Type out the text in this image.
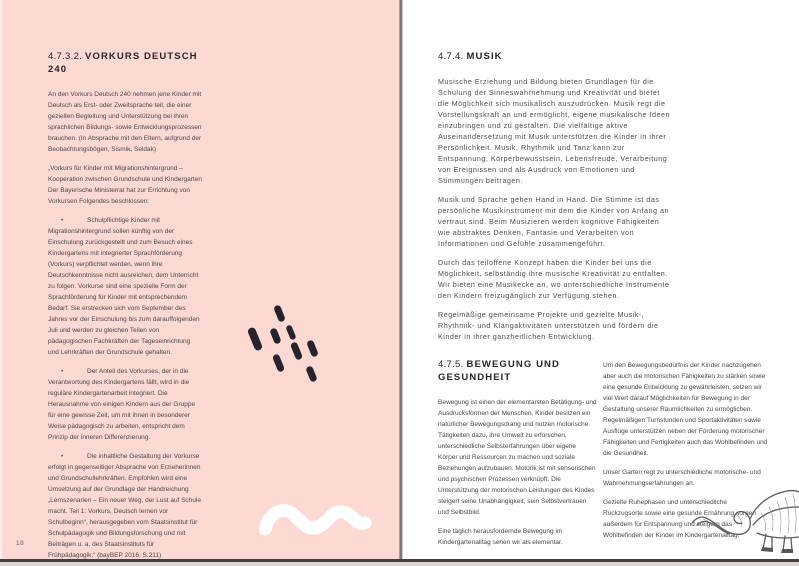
4.7.3.2. VORKURS DEUTSCH 240

An den Vorkurs Deutsch 240 nehmen jene Kinder mit Deutsch als Erst- oder Zweitsprache teil, die einer gezielten Begleitung und Unterstützung bei ihren sprachlichen Bildungs- sowie Entwicklungsprozessen brauchen. (In Absprache mit den Eltern, aufgrund der Beobachtungsbögen, Sismik, Seldak)

„Vorkurs für Kinder mit Migrationshintergrund – Kooperation zwischen Grundschule und Kindergarten Der Bayerische Ministerrat hat zur Errichtung von Vorkursen Folgendes beschlossen:

•	Schulpflichtige Kinder mit Migrationshintergrund sollen künftig von der Einschulung zurückgestellt und zum Besuch eines Kindergartens mit integrierter Sprachförderung (Vorkurs) verpflichtet werden, wenn ihre Deutschkenntnisse nicht ausreichen, dem Unterricht zu folgen. Vorkurse sind eine spezielle Form der Sprachförderung für Kinder mit entsprechendem Bedarf. Sie erstrecken sich vom September des Jahres vor der Einschulung bis zum darauffolgenden Juli und werden zu gleichen Teilen von pädagogischen Fachkräften der Tageseinrichtung und Lehrkräften der Grundschule gehalten.

•	Der Anteil des Vorkurses, der in die Verantwortung des Kindergartens fällt, wird in die reguläre Kindergartenarbeit integriert. Die Herausnahme von einigen Kindern aus der Gruppe für eine gewisse Zeit, um mit ihnen in besonderer Weise pädagogisch zu arbeiten, entspricht dem Prinzip der inneren Differenzierung.

•	Die inhaltliche Gestaltung der Vorkurse erfolgt in gegenseitiger Absprache von Erzieherinnen und Grundschullehrkräften. Empfohlen wird eine Umsetzung auf der Grundlage der Handreichung „Lernszenarien – Ein neuer Weg, der Lust auf Schule macht. Teil 1: Vorkurs, Deutsch lernen vor Schulbeginn“, herausgegeben vom Staatsinstitut für Schulpädagogik und Bildungsforschung und mit Beiträgen u. a. des Staatsinstituts für Frühpädagogik.“ (bayBEP 2016, S.211)

18
4.7.4. MUSIK

Musische Erziehung und Bildung bieten Grundlagen für die Schulung der Sinneswahrnehmung und Kreativität und bietet die Möglichkeit sich musikalisch auszudrücken. Musik regt die Vorstellungskraft an und ermöglicht, eigene musikalische Ideen einzubringen und zu gestalten. Die vielfältige aktive Auseinandersetzung mit Musik unterstützen die Kinder in ihrer Persönlichkeit. Musik, Rhythmik und Tanz kann zur Entspannung, Körperbewusstsein, Lebensfreude, Verarbeitung von Ereignissen und als Ausdruck von Emotionen und Stimmungen beitragen.

Musik und Sprache gehen Hand in Hand. Die Stimme ist das persönliche Musikinstrument mit dem die Kinder von Anfang an vertraut sind. Beim Musizieren werden kognitive Fähigkeiten wie abstraktes Denken, Fantasie und Verarbeiten von Informationen und Gefühle zusammengeführt.

Durch das teiloffene Konzept haben die Kinder bei uns die Möglichkeit, selbständig ihre musische Kreativität zu entfalten. Wir bieten eine Musikecke an, wo unterschiedliche Instrumente den Kindern freizugänglich zur Verfügung stehen.

Regelmäßige gemeinsame Projekte und gezielte Musik-, Rhythmik- und Klangaktivitäten unterstützen und fördern die Kinder in ihrer ganzheitlichen Entwicklung.

4.7.5. BEWEGUNG UND GESUNDHEIT

Bewegung ist einen der elementarsten Betätigung- und Ausdrucksformen der Menschen. Kinder besitzen ein natürlicher Bewegungsdrang und nutzen motorische Tätigkeiten dazu, ihre Umwelt zu erforschen, unterschiedliche Selbsterfahrungen über eigene Körper und Ressourcen zu machen und soziale Beziehungen aufzubauen. Motorik ist mit sensorischen und psychischen Prozessen verknüpft. Die Unterstützung der motorischen Leistungen des Kindes steigert seine Unabhängigkeit, sein Selbstvertrauen und Selbstbild.

Eine täglich herausfordernde Bewegung im Kindergartenalltag sehen wir als elementar.

Um den Bewegungsbedürfnis der Kinder nachzugehen aber auch die motorischen Fähigkeiten zu stärken sowie eine gesunde Entwicklung zu gewährleisten, setzen wir viel Wert darauf Möglichkeiten für Bewegung in der Gestaltung unserer Räumlichkeiten zu ermöglichen. Regelmäßigen Turnstunden und Sportaktivitäten sowie Ausflüge unterstützen neben der Förderung motorischer Fähigkeiten und Fertigkeiten auch das Wohlbefinden und die Gesundheit.

Unser Garten regt zu unterschiedliche motorische- und Wahrnehmungserfahrungen an.

Gezielte Ruhephasen und unterschiedliche Rückzugsorte sowie eine gesunde Ernährung sorgen außerdem für Entspannung und steigern das Wohlbefinden der Kinder im Kindergartenalltag.
